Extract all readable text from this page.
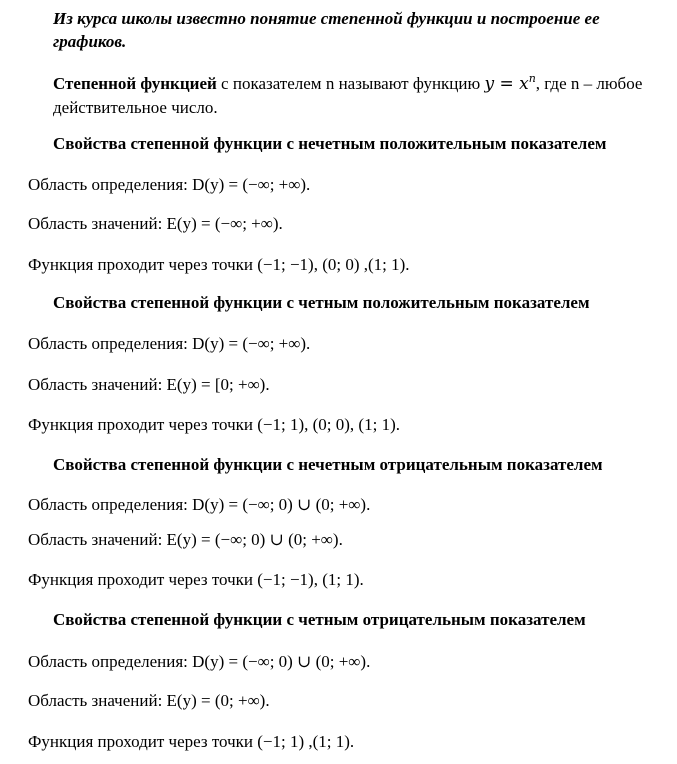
Из курса школы известно понятие степенной функции и построение ее графиков.
Степенной функцией с показателем n называют функцию $y = x^n$, где n – любое действительное число.
Свойства степенной функции с нечетным положительным показателем
Область определения: D(y) = (−∞; +∞).
Область значений: E(y) = (−∞; +∞).
Функция проходит через точки (−1; −1), (0; 0) ,(1; 1).
Свойства степенной функции с четным положительным показателем
Область определения: D(y) = (−∞; +∞).
Область значений: E(y) = [0; +∞).
Функция проходит через точки (−1; 1), (0; 0), (1; 1).
Свойства степенной функции с нечетным отрицательным показателем
Область определения: D(y) = (−∞; 0) ∪ (0; +∞).
Область значений: E(y) = (−∞; 0) ∪ (0; +∞).
Функция проходит через точки (−1; −1), (1; 1).
Свойства степенной функции с четным отрицательным показателем
Область определения: D(y) = (−∞; 0) ∪ (0; +∞).
Область значений: E(y) = (0; +∞).
Функция проходит через точки (−1; 1) ,(1; 1).
